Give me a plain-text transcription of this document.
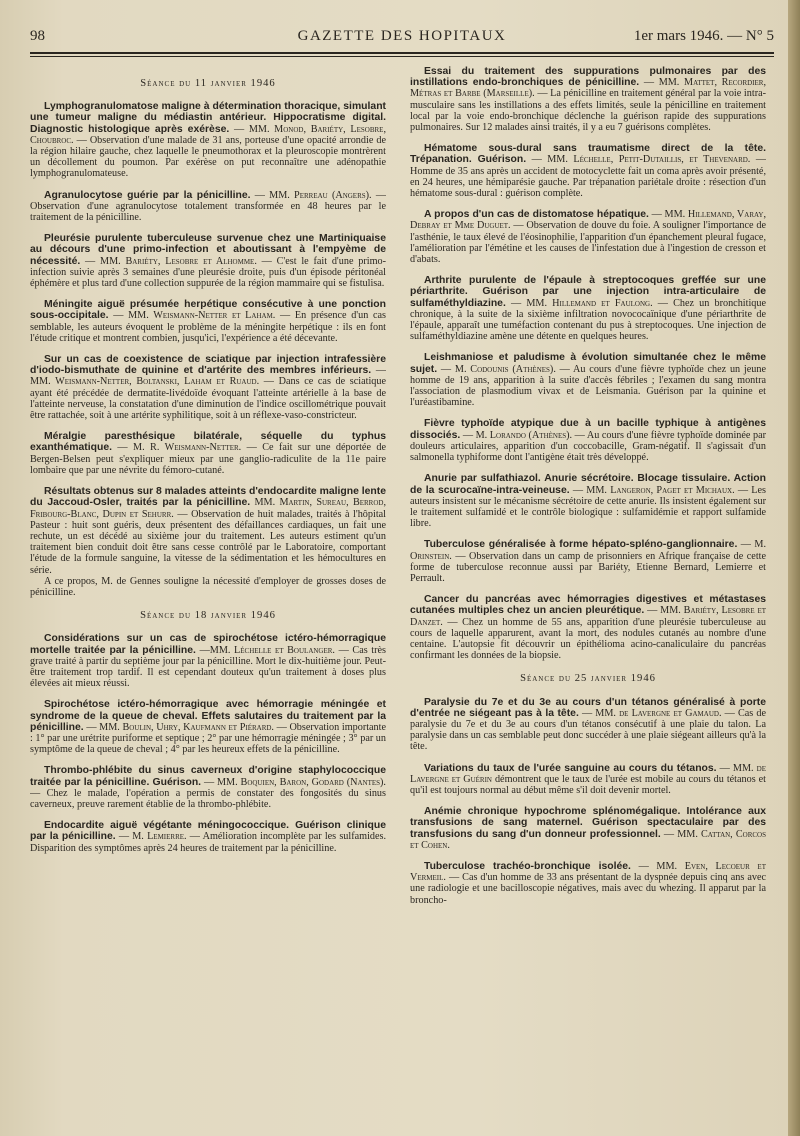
GAZETTE DES HOPITAUX
98	1er mars 1946. — N° 5
Séance du 11 janvier 1946
Lymphogranulomatose maligne à détermination thoracique, simulant une tumeur maligne du médiastin antérieur. Hippocratisme digital. Diagnostic histologique après exérèse. — MM. Monod, Bariéty, Lesobre, Choubroc. — Observation d'une malade de 31 ans, porteuse d'une opacité arrondie de la région hilaire gauche, chez laquelle le pneumothorax et la pleuroscopie montrèrent un décollement du poumon. Par exérèse on put reconnaître une adénopathie lymphogranulomateuse.
Agranulocytose guérie par la pénicilline. — MM. Perreau (Angers). — Observation d'une agranulocytose totalement transformée en 48 heures par le traitement de la pénicilline.
Pleurésie purulente tuberculeuse survenue chez une Martiniquaise au décours d'une primo-infection et aboutissant à l'empyème de nécessité. — MM. Bariéty, Lesobre et Alhomme. — C'est le fait d'une primo-infection suivie après 3 semaines d'une pleurésie droite, puis d'un épisode péritonéal éphémère et plus tard d'une collection suppurée de la région mammaire qui se fistulisa.
Méningite aiguë présumée herpétique consécutive à une ponction sous-occipitale. — MM. Weismann-Netter et Laham. — En présence d'un cas semblable, les auteurs évoquent le problème de la méningite herpétique : ils en font l'étude critique et montrent combien, jusqu'ici, l'expérience a été décevante.
Sur un cas de coexistence de sciatique par injection intrafessière d'iodo-bismuthate de quinine et d'artérite des membres inférieurs. — MM. Weismann-Netter, Boltanski, Laham et Ruaud. — Dans ce cas de sciatique ayant été précédée de dermatite-livédoïde évoquant l'atteinte artérielle à la base de l'atteinte nerveuse, la constatation d'une diminution de l'indice oscillométrique pouvait être rattachée, soit à une artérite syphilitique, soit à un réflexe-vaso-constricteur.
Méralgie paresthésique bilatérale, séquelle du typhus exanthématique. — M. R. Weismann-Netter. — Ce fait sur une déportée de Bergen-Belsen peut s'expliquer mieux par une ganglio-radiculite de la 11e paire lombaire que par une névrite du fémoro-cutané.
Résultats obtenus sur 8 malades atteints d'endocardite maligne lente du Jaccoud-Osler, traités par la pénicilline. MM. Martin, Sureau, Berrod, Fribourg-Blanc, Dupin et Sehurr. — Observation de huit malades, traités à l'hôpital Pasteur : huit sont guéris, deux présentent des défaillances cardiaques, un fait une rechute, un est décédé au sixième jour du traitement. Les auteurs estiment qu'un traitement bien conduit doit être sans cesse contrôlé par le Laboratoire, comportant l'étude de la formule sanguine, la vitesse de la sédimentation et les hémocultures en série.

A ce propos, M. de Gennes souligne la nécessité d'employer de grosses doses de pénicilline.

Séance du 18 janvier 1946
Considérations sur un cas de spirochétose ictéro-hémorragique mortelle traitée par la pénicilline. —MM. Léchelle et Boulanger. — Cas très grave traité à partir du septième jour par la pénicilline. Mort le dix-huitième jour. Peut-être traitement trop tardif. Il est cependant douteux qu'un traitement à doses plus élevées ait mieux réussi.
Spirochétose ictéro-hémorragique avec hémorragie méningée et syndrome de la queue de cheval. Effets salutaires du traitement par la pénicilline. — MM. Boulin, Uhry, Kaufmann et Piérard. — Observation importante : 1° par une urétrite puriforme et septique ; 2° par une hémorragie méningée ; 3° par un symptôme de la queue de cheval ; 4° par les heureux effets de la pénicilline.
Thrombo-phlébite du sinus caverneux d'origine staphylococcique traitée par la pénicilline. Guérison. — MM. Boquien, Baron, Godard (Nantes). — Chez le malade, l'opération a permis de constater des fongosités du sinus caverneux, preuve rarement établie de la thrombo-phlébite.
Endocardite aiguë végétante méningococcique. Guérison clinique par la pénicilline. — M. Lemierre. — Amélioration incomplète par les sulfamides. Disparition des symptômes après 24 heures de traitement par la pénicilline.
Essai du traitement des suppurations pulmonaires par des instillations endo-bronchiques de pénicilline. — MM. Mattet, Recordier, Métras et Barbe (Marseille). — La pénicilline en traitement général par la voie intra-musculaire sans les instillations a des effets limités, seule la pénicilline en traitement local par la voie endo-bronchique déclenche la guérison rapide des suppurations pulmonaires. Sur 12 malades ainsi traités, il y a eu 7 guérisons complètes.
Hématome sous-dural sans traumatisme direct de la tête. Trépanation. Guérison. — MM. Léchelle, Petit-Dutaillis, et Thevenard. — Homme de 35 ans après un accident de motocyclette fait un coma après avoir présenté, en 24 heures, une hémiparésie gauche. Par trépanation pariétale droite : résection d'un hématome sous-dural : guérison complète.
A propos d'un cas de distomatose hépatique. — MM. Hillemand, Varay, Debray et Mme Duguet. — Observation de douve du foie. A souligner l'importance de l'asthénie, le taux élevé de l'éosinophilie, l'apparition d'un épanchement pleural fugace, l'amélioration par l'émétine et les causes de l'infestation due à l'ingestion de cresson et d'abats.
Arthrite purulente de l'épaule à streptocoques greffée sur une périarthrite. Guérison par une injection intra-articulaire de sulfaméthyldiazine. — MM. Hillemand et Faulong. — Chez un bronchitique chronique, à la suite de la sixième infiltration novococaïnique d'une périarthrite de l'épaule, apparaît une tuméfaction contenant du pus à streptocoques. Une injection de sulfaméthyldiazine amène une détente en quelques heures.
Leishmaniose et paludisme à évolution simultanée chez le même sujet. — M. Codounis (Athènes). — Au cours d'une fièvre typhoïde chez un jeune homme de 19 ans, apparition à la suite d'accès fébriles ; l'examen du sang montra l'association de plasmodium vivax et de Leismania. Guérison par la quinine et l'uréastibamine.
Fièvre typhoïde atypique due à un bacille typhique à antigènes dissociés. — M. Lorando (Athènes). — Au cours d'une fièvre typhoïde dominée par douleurs articulaires, apparition d'un coccobacille, Gram-négatif. Il s'agissait d'un salmonella typhiforme dont l'antigène était très développé.
Anurie par sulfathiazol. Anurie sécrétoire. Blocage tissulaire. Action de la scurocaïne-intra-veineuse. — MM. Langeron, Paget et Michaux. — Les auteurs insistent sur le mécanisme sécrétoire de cette anurie. Ils insistent également sur le traitement sulfamidé et le contrôle biologique : sulfamidémie et rapport sulfamide libre.
Tuberculose généralisée à forme hépato-spléno-ganglionnaire. — M. Orinstein. — Observation dans un camp de prisonniers en Afrique française de cette forme de tuberculose reconnue aussi par Bariéty, Etienne Bernard, Lemierre et Perrault.
Cancer du pancréas avec hémorragies digestives et métastases cutanées multiples chez un ancien pleurétique. — MM. Bariéty, Lesobre et Danzet. — Chez un homme de 55 ans, apparition d'une pleurésie tuberculeuse au cours de laquelle apparurent, avant la mort, des nodules cutanés au nombre d'une centaine. L'autopsie fit découvrir un épithélioma acino-canaliculaire du pancréas confirmant les données de la biopsie.
Séance du 25 janvier 1946
Paralysie du 7e et du 3e au cours d'un tétanos généralisé à porte d'entrée ne siégeant pas à la tête. — MM. de Lavergne et Gamaud. — Cas de paralysie du 7e et du 3e au cours d'un tétanos consécutif à une plaie du talon. La paralysie dans un cas semblable peut donc succéder à une plaie siégeant ailleurs qu'à la tête.
Variations du taux de l'urée sanguine au cours du tétanos. — MM. de Lavergne et Guérin démontrent que le taux de l'urée est mobile au cours du tétanos et qu'il est toujours normal au début même s'il doit devenir mortel.
Anémie chronique hypochrome splénomégalique. Intolérance aux transfusions de sang maternel. Guérison spectaculaire par des transfusions du sang d'un donneur professionnel. — MM. Cattan, Corcos et Cohen.
Tuberculose trachéo-bronchique isolée. — MM. Even, Lecoeur et Vermeil. — Cas d'un homme de 33 ans présentant de la dyspnée depuis cinq ans avec une radiologie et une bacilloscopie négatives, mais avec du whezing. Il apparut par la broncho-
